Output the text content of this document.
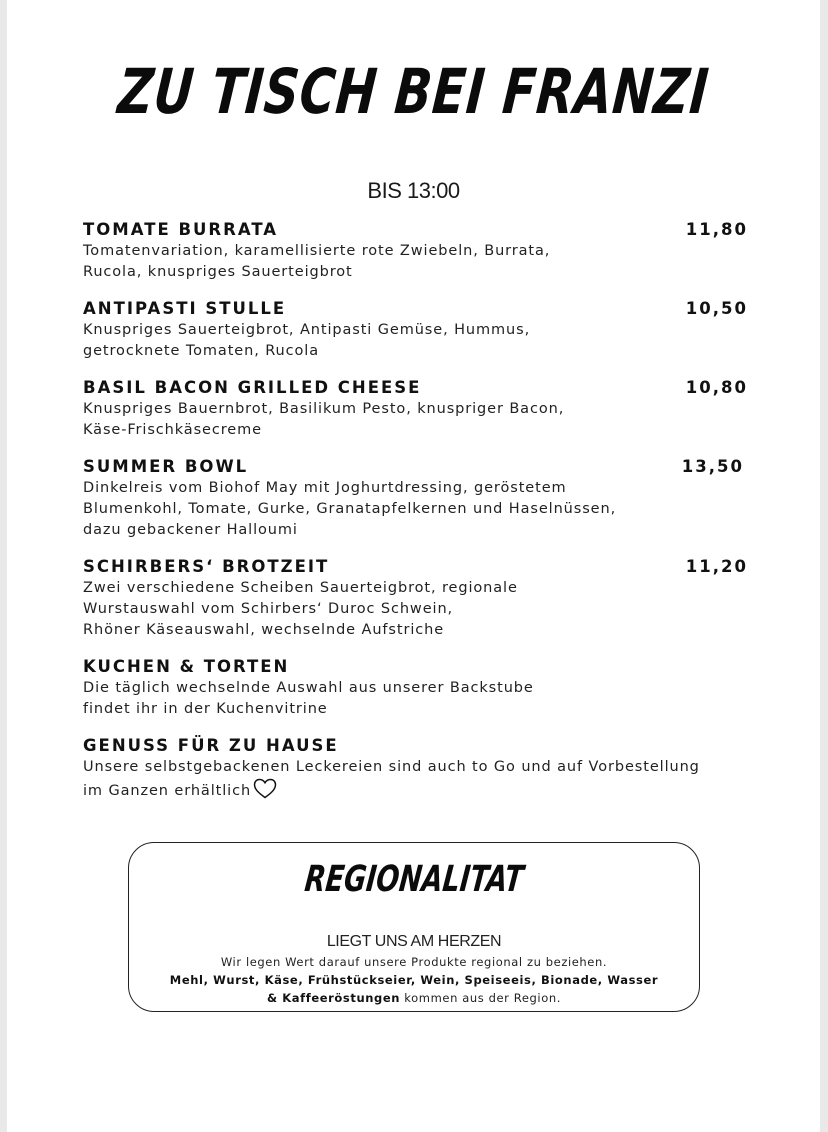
ZU TISCH BEI FRANZI
BIS 13:00
TOMATE BURRATA	11,80
Tomatenvariation, karamellisierte rote Zwiebeln, Burrata,
Rucola, knuspriges Sauerteigbrot
ANTIPASTI STULLE	10,50
Knuspriges Sauerteigbrot, Antipasti Gemüse, Hummus,
getrocknete Tomaten, Rucola
BASIL BACON GRILLED CHEESE	10,80
Knuspriges Bauernbrot, Basilikum Pesto, knuspriger Bacon,
Käse-Frischkäsecreme
SUMMER BOWL	13,50
Dinkelreis vom Biohof May mit Joghurtdressing, geröstetem
Blumenkohl, Tomate, Gurke, Granatapfelkernen und Haselnüssen,
dazu gebackener Halloumi
SCHIRBERS‘ BROTZEIT	11,20
Zwei verschiedene Scheiben Sauerteigbrot, regionale
Wurstauswahl vom Schirbers‘ Duroc Schwein,
Rhöner Käseauswahl, wechselnde Aufstriche
KUCHEN & TORTEN
Die täglich wechselnde Auswahl aus unserer Backstube
findet ihr in der Kuchenvitrine
GENUSS FÜR ZU HAUSE
Unsere selbstgebackenen Leckereien sind auch to Go und auf Vorbestellung
im Ganzen erhältlich
REGIONALITAT
LIEGT UNS AM HERZEN
Wir legen Wert darauf unsere Produkte regional zu beziehen.
Mehl, Wurst, Käse, Frühstückseier, Wein, Speiseeis, Bionade, Wasser
& Kaffeeröstungen kommen aus der Region.
